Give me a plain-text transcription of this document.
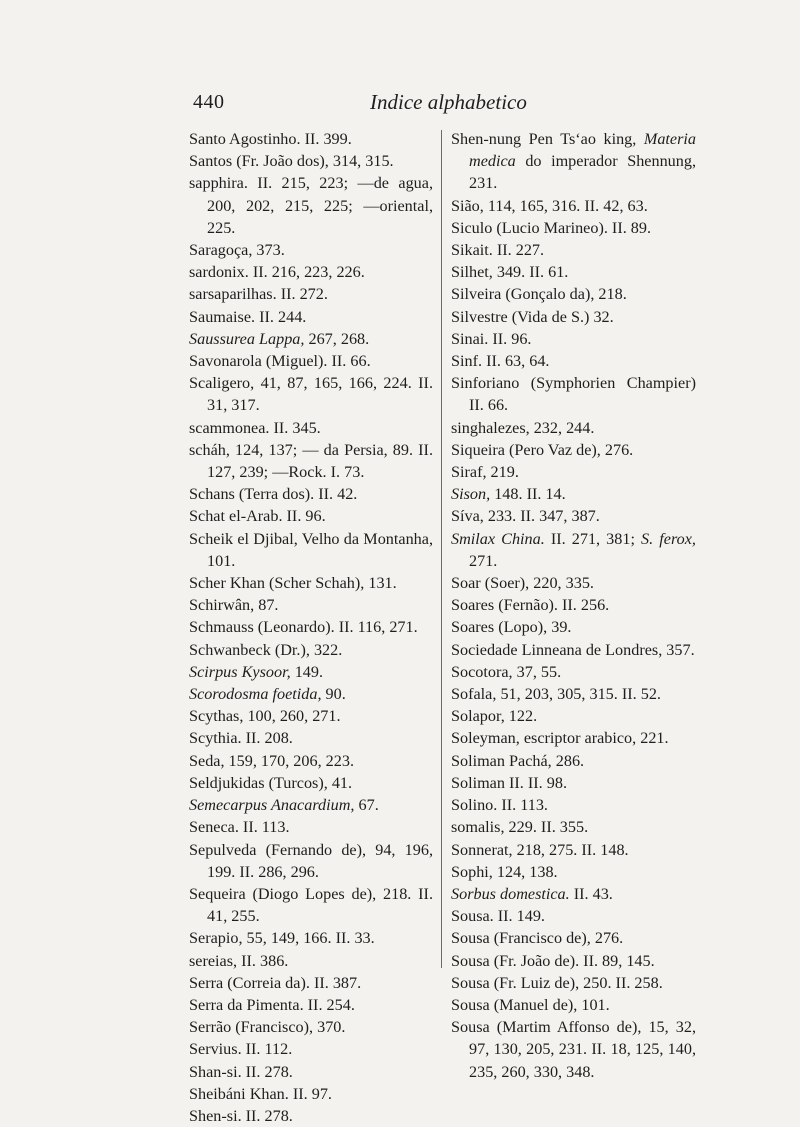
440	Indice alphabetico
Santo Agostinho. II. 399.
Santos (Fr. João dos), 314, 315.
sapphira. II. 215, 223; —de agua, 200, 202, 215, 225; —oriental, 225.
Saragoça, 373.
sardonix. II. 216, 223, 226.
sarsaparilhas. II. 272.
Saumaise. II. 244.
Saussurea Lappa, 267, 268.
Savonarola (Miguel). II. 66.
Scaligero, 41, 87, 165, 166, 224. II. 31, 317.
scammonea. II. 345.
scháh, 124, 137; — da Persia, 89. II. 127, 239; —Rock. I. 73.
Schans (Terra dos). II. 42.
Schat el-Arab. II. 96.
Scheik el Djibal, Velho da Montanha, 101.
Scher Khan (Scher Schah), 131.
Schirwân, 87.
Schmauss (Leonardo). II. 116, 271.
Schwanbeck (Dr.), 322.
Scirpus Kysoor, 149.
Scorodosma foetida, 90.
Scythas, 100, 260, 271.
Scythia. II. 208.
Seda, 159, 170, 206, 223.
Seldjukidas (Turcos), 41.
Semecarpus Anacardium, 67.
Seneca. II. 113.
Sepulveda (Fernando de), 94, 196, 199. II. 286, 296.
Sequeira (Diogo Lopes de), 218. II. 41, 255.
Serapio, 55, 149, 166. II. 33.
sereias, II. 386.
Serra (Correia da). II. 387.
Serra da Pimenta. II. 254.
Serrão (Francisco), 370.
Servius. II. 112.
Shan-si. II. 278.
Sheibáni Khan. II. 97.
Shen-si. II. 278.
Shen-nung Pen Ts‘ao king, Materia medica do imperador Shennung, 231.
Sião, 114, 165, 316. II. 42, 63.
Siculo (Lucio Marineo). II. 89.
Sikait. II. 227.
Silhet, 349. II. 61.
Silveira (Gonçalo da), 218.
Silvestre (Vida de S.) 32.
Sinai. II. 96.
Sinf. II. 63, 64.
Sinforiano (Symphorien Champier) II. 66.
singhalezes, 232, 244.
Siqueira (Pero Vaz de), 276.
Siraf, 219.
Sison, 148. II. 14.
Síva, 233. II. 347, 387.
Smilax China. II. 271, 381; S. ferox, 271.
Soar (Soer), 220, 335.
Soares (Fernão). II. 256.
Soares (Lopo), 39.
Sociedade Linneana de Londres, 357.
Socotora, 37, 55.
Sofala, 51, 203, 305, 315. II. 52.
Solapor, 122.
Soleyman, escriptor arabico, 221.
Soliman Pachá, 286.
Soliman II. II. 98.
Solino. II. 113.
somalis, 229. II. 355.
Sonnerat, 218, 275. II. 148.
Sophi, 124, 138.
Sorbus domestica. II. 43.
Sousa. II. 149.
Sousa (Francisco de), 276.
Sousa (Fr. João de). II. 89, 145.
Sousa (Fr. Luiz de), 250. II. 258.
Sousa (Manuel de), 101.
Sousa (Martim Affonso de), 15, 32, 97, 130, 205, 231. II. 18, 125, 140, 235, 260, 330, 348.
